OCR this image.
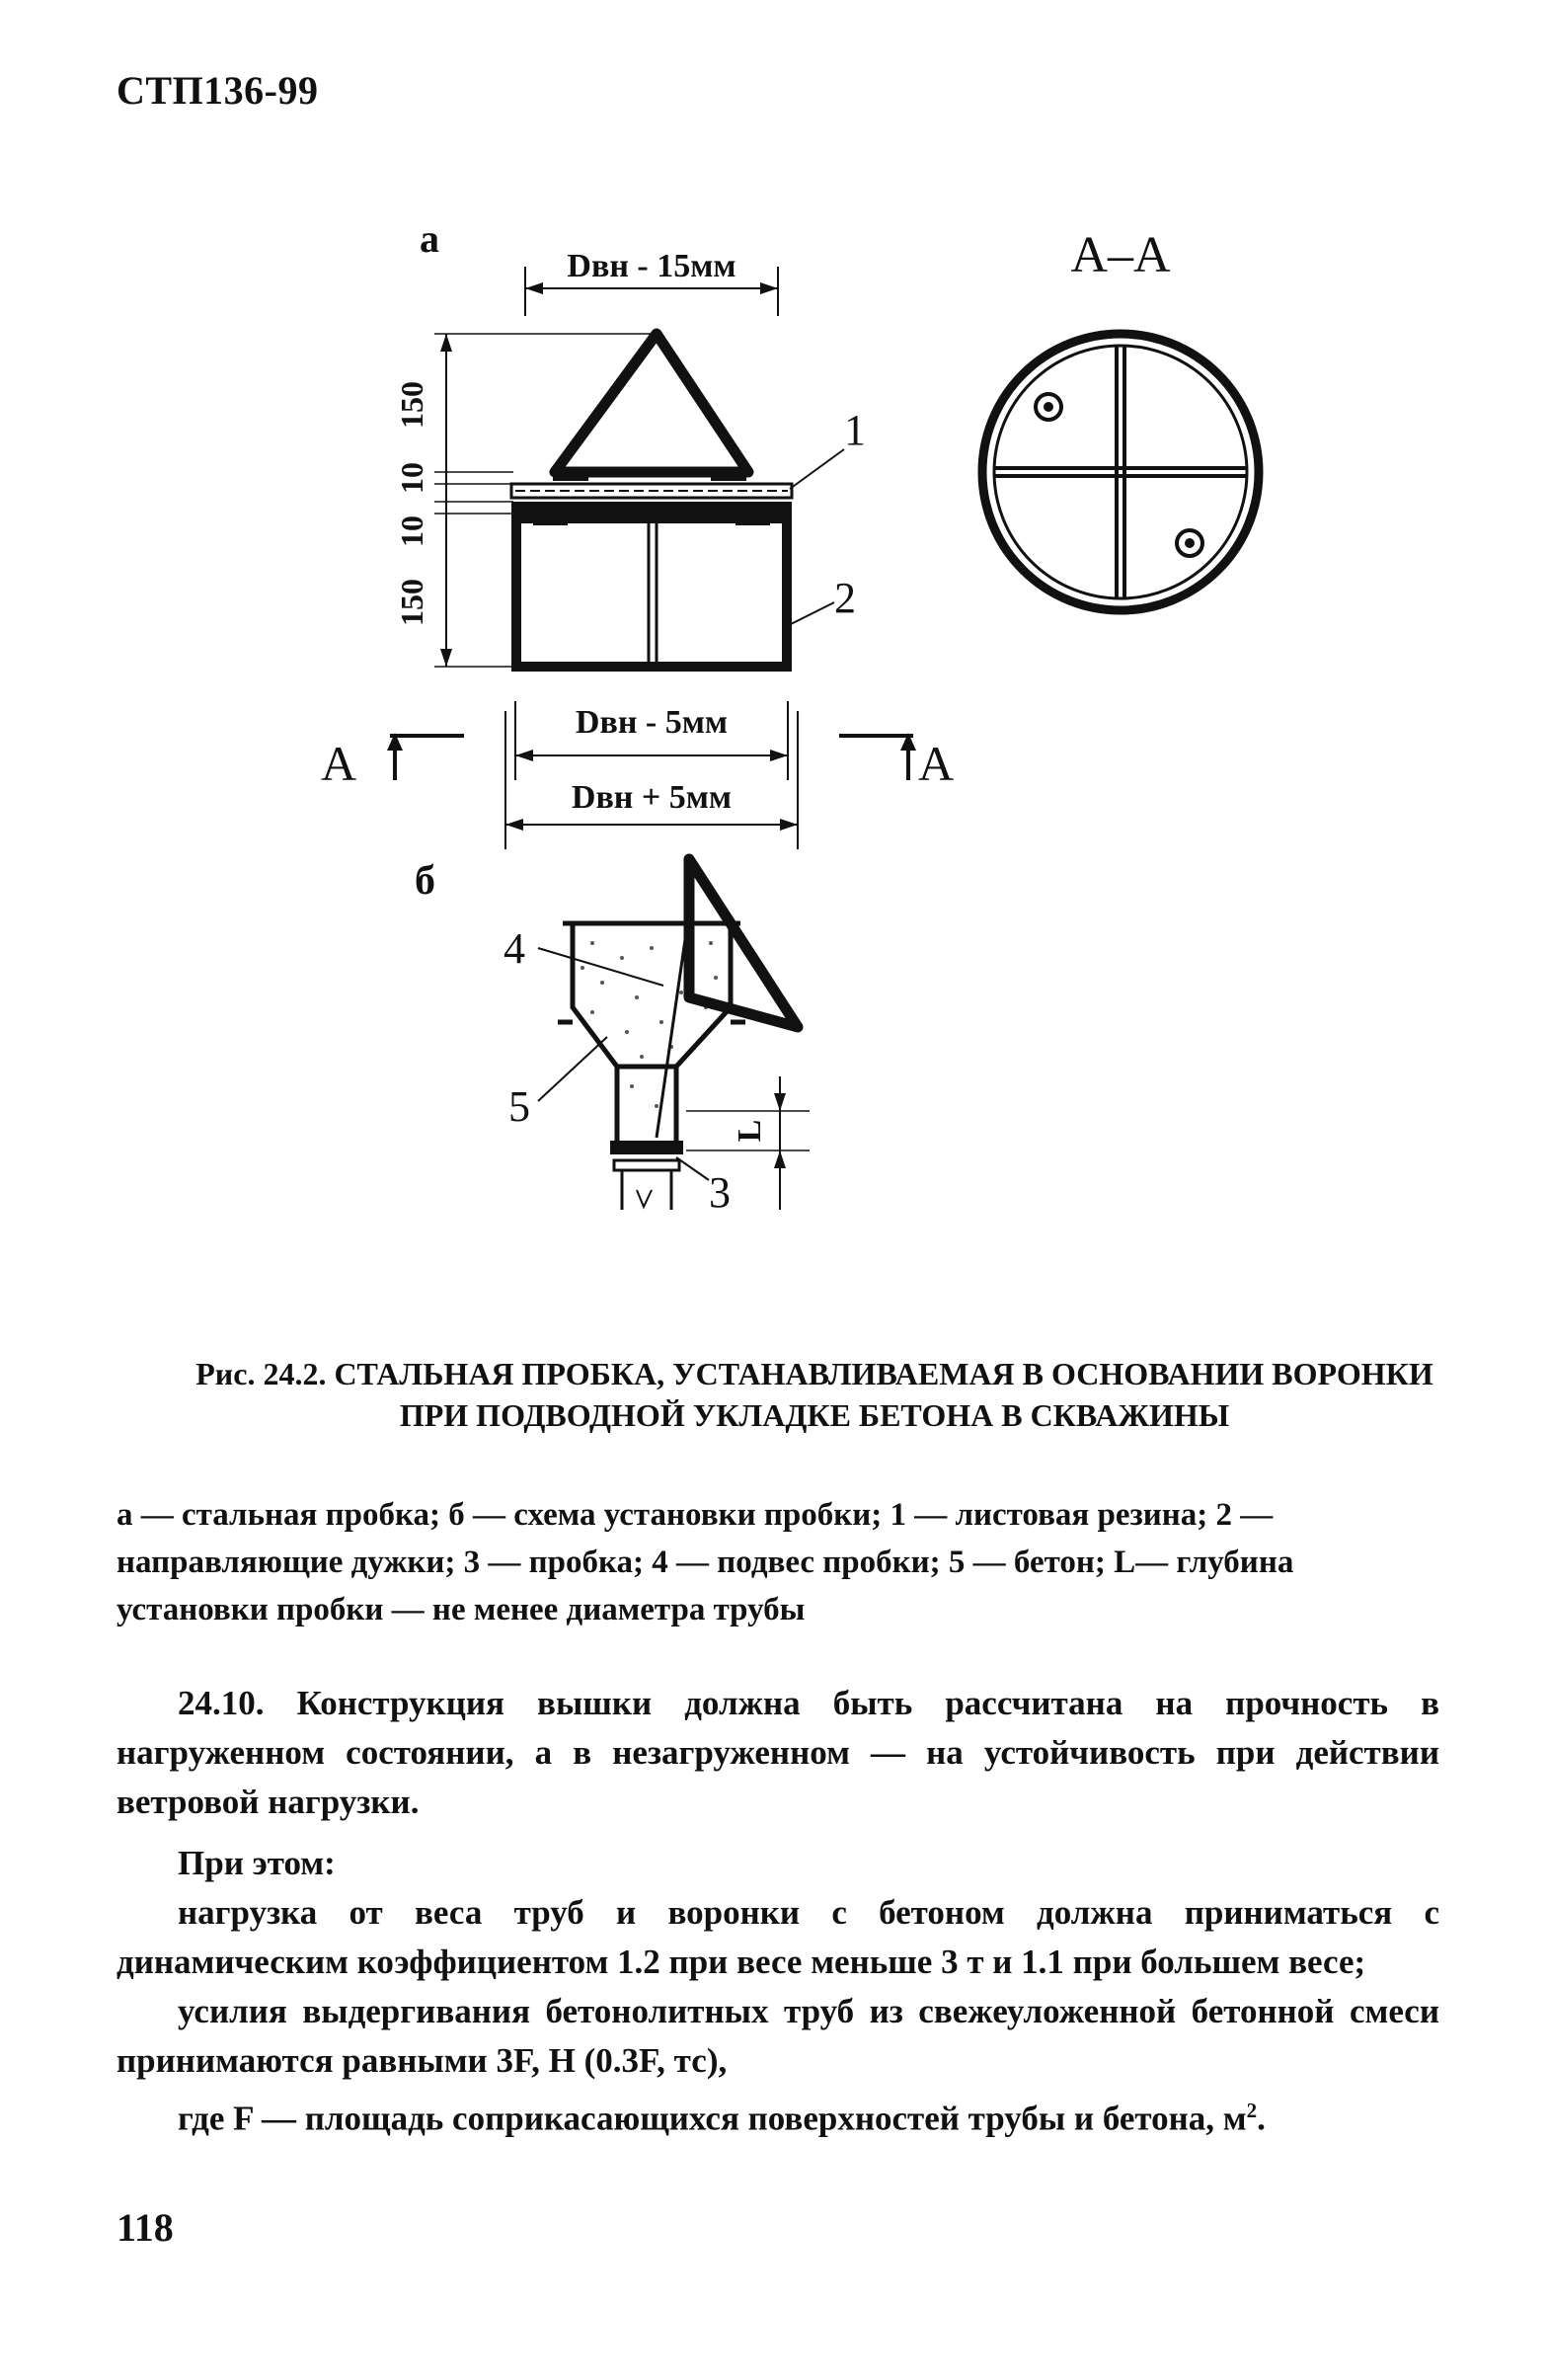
СТП136-99
а
Dвн - 15мм
150
10
10
150
1
2
Dвн - 5мм
Dвн + 5мм
А	А
А–А
б
L
3
4
5
Рис. 24.2. СТАЛЬНАЯ ПРОБКА, УСТАНАВЛИВАЕМАЯ В ОСНОВАНИИ ВОРОНКИ ПРИ ПОДВОДНОЙ УКЛАДКЕ БЕТОНА В СКВАЖИНЫ
а — стальная пробка; б — схема установки пробки; 1 — листовая резина; 2 — направляющие дужки; 3 — пробка; 4 — подвес пробки; 5 — бетон; L— глубина установки пробки — не менее диаметра трубы

24.10. Конструкция вышки должна быть рассчитана на прочность в нагруженном состоянии, а в незагруженном — на устойчивость при действии ветровой нагрузки.

При этом:

нагрузка от веса труб и воронки с бетоном должна приниматься с динамическим коэффициентом 1.2 при весе меньше 3 т и 1.1 при большем весе;

усилия выдергивания бетонолитных труб из свежеуложенной бетонной смеси принимаются равными 3F, Н (0.3F, тс),

где F — площадь соприкасающихся поверхностей трубы и бетона, $м^2$.

118
